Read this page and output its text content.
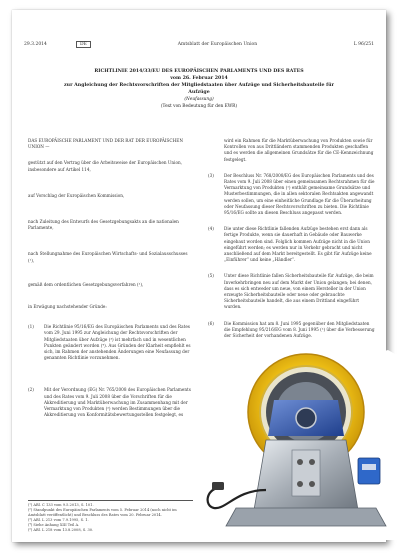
29.3.2014	DE	Amtsblatt der Europäischen Union	L 96/251
RICHTLINIE 2014/33/EU DES EUROPÄISCHEN PARLAMENTS UND DES RATES
vom 26. Februar 2014
zur Angleichung der Rechtsvorschriften der Mitgliedstaaten über Aufzüge und Sicherheitsbauteile für Aufzüge
(Neufassung)
(Text von Bedeutung für den EWR)
DAS EUROPÄISCHE PARLAMENT UND DER RAT DER EUROPÄISCHEN UNION —
gestützt auf den Vertrag über die Arbeitsweise der Europäischen Union, insbesondere auf Artikel 114,
auf Vorschlag der Europäischen Kommission,
nach Zuleitung des Entwurfs des Gesetzgebungsakts an die nationalen Parlamente,
nach Stellungnahme des Europäischen Wirtschafts- und Sozialausschusses (¹),
gemäß dem ordentlichen Gesetzgebungsverfahren (²),
in Erwägung nachstehender Gründe:
(1)	Die Richtlinie 95/16/EG des Europäischen Parlaments und des Rates vom 29. Juni 1995 zur Angleichung der Rechtsvorschriften der Mitgliedstaaten über Aufzüge (³) ist mehrfach und in wesentlichen Punkten geändert worden (⁴). Aus Gründen der Klarheit empfiehlt es sich, im Rahmen der anstehenden Änderungen eine Neufassung der genannten Richtlinie vorzunehmen.
(2)	Mit der Verordnung (EG) Nr. 765/2008 des Europäischen Parlaments und des Rates vom 9. Juli 2008 über die Vorschriften für die Akkreditierung und Marktüberwachung im Zusammenhang mit der Vermarktung von Produkten (⁵) werden Bestimmungen über die Akkreditierung von Konformitätsbewertungsstellen festgelegt, es
(¹) ABl. C 133 vom 9.5.2013, S. 101.
(²) Standpunkt des Europäischen Parlaments vom 5. Februar 2014 (noch nicht im Amtsblatt veröffentlicht) und Beschluss des Rates vom 20. Februar 2014.
(³) ABl. L 213 vom 7.9.1995, S. 1.
(⁴) Siehe Anhang XIII Teil A.
(⁵) ABl. L 218 vom 13.8.2008, S. 30.
wird ein Rahmen für die Marktüberwachung von Produkten sowie für Kontrollen von aus Drittländern stammenden Produkten geschaffen und es werden die allgemeinen Grundsätze für die CE-Kennzeichnung festgelegt.
(3)	Der Beschluss Nr. 768/2008/EG des Europäischen Parlaments und des Rates vom 9. Juli 2008 über einen gemeinsamen Rechtsrahmen für die Vermarktung von Produkten (¹) enthält gemeinsame Grundsätze und Musterbestimmungen, die in allen sektoralen Rechtsakten angewandt werden sollen, um eine einheitliche Grundlage für die Überarbeitung oder Neufassung dieser Rechtsvorschriften zu bieten. Die Richtlinie 95/16/EG sollte an diesen Beschluss angepasst werden.
(4)	Die unter diese Richtlinie fallenden Aufzüge bestehen erst dann als fertige Produkte, wenn sie dauerhaft in Gebäude oder Bauwerke eingebaut worden sind. Folglich kommen Aufzüge nicht in die Union eingeführt werden; es werden nur in Verkehr gebracht und nicht anschließend auf dem Markt bereitgestellt. Es gibt für Aufzüge keine „Einführer“ und keine „Händler“.
(5)	Unter diese Richtlinie fallen Sicherheitsbauteile für Aufzüge, die beim Inverkehrbringen neu auf dem Markt der Union gelangen; bei denen, dass es sich entweder um neue, von einem Hersteller in der Union erzeugte Sicherheitsbauteile oder neue oder gebrauchte Sicherheitsbauteile handelt, die aus einem Drittland eingeführt wurden.
(6)	Die Kommission hat am 8. Juni 1995 gegenüber den Mitgliedstaaten die Empfehlung 95/216/EG vom 8. Juni 1995 (²) über die Verbesserung der Sicherheit der vorhandenen Aufzüge.
